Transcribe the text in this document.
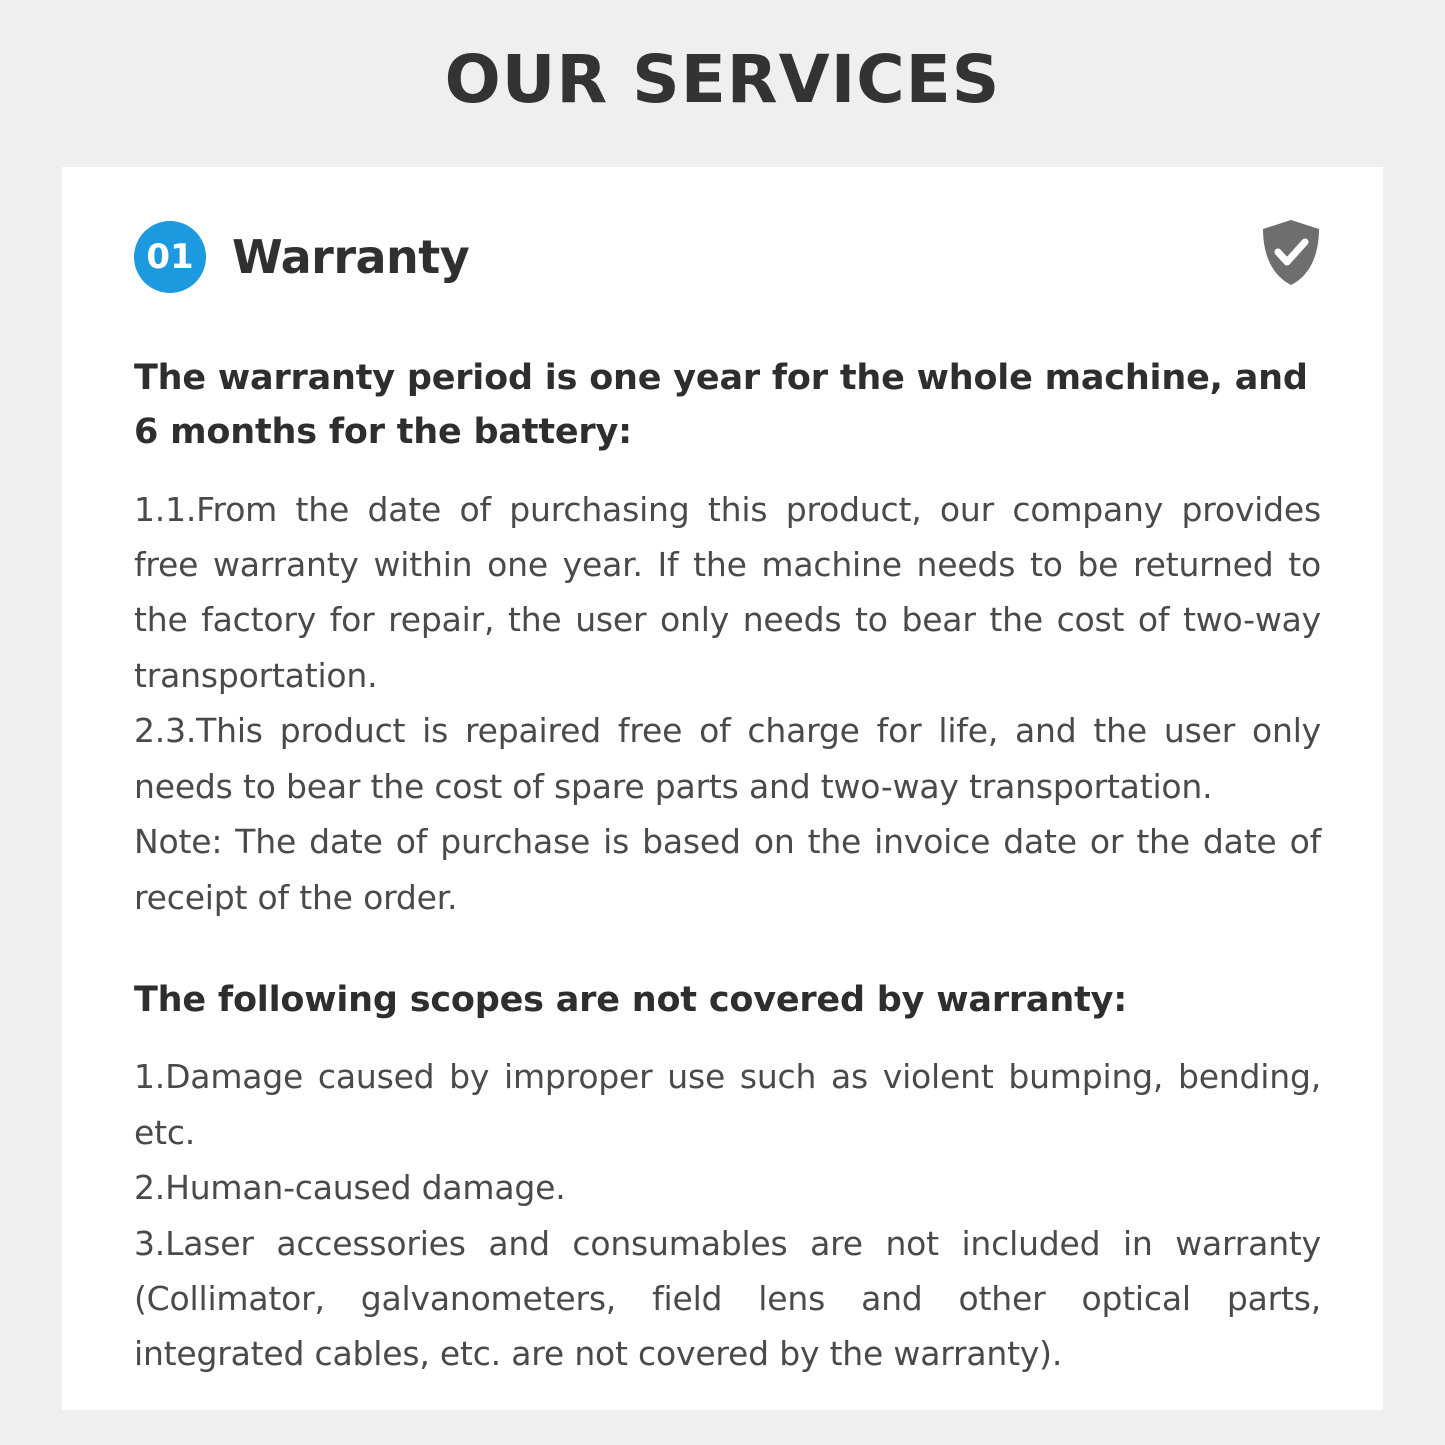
OUR SERVICES
01 Warranty

The warranty period is one year for the whole machine, and 6 months for the battery:

1.1.From the date of purchasing this product, our company provides free warranty within one year. If the machine needs to be returned to the factory for repair, the user only needs to bear the cost of two-way transportation.

2.3.This product is repaired free of charge for life, and the user only needs to bear the cost of spare parts and two-way transportation.

Note: The date of purchase is based on the invoice date or the date of receipt of the order.

The following scopes are not covered by warranty:

1.Damage caused by improper use such as violent bumping, bending, etc.

2.Human-caused damage.

3.Laser accessories and consumables are not included in warranty (Collimator, galvanometers, field lens and other optical parts, integrated cables, etc. are not covered by the warranty).
